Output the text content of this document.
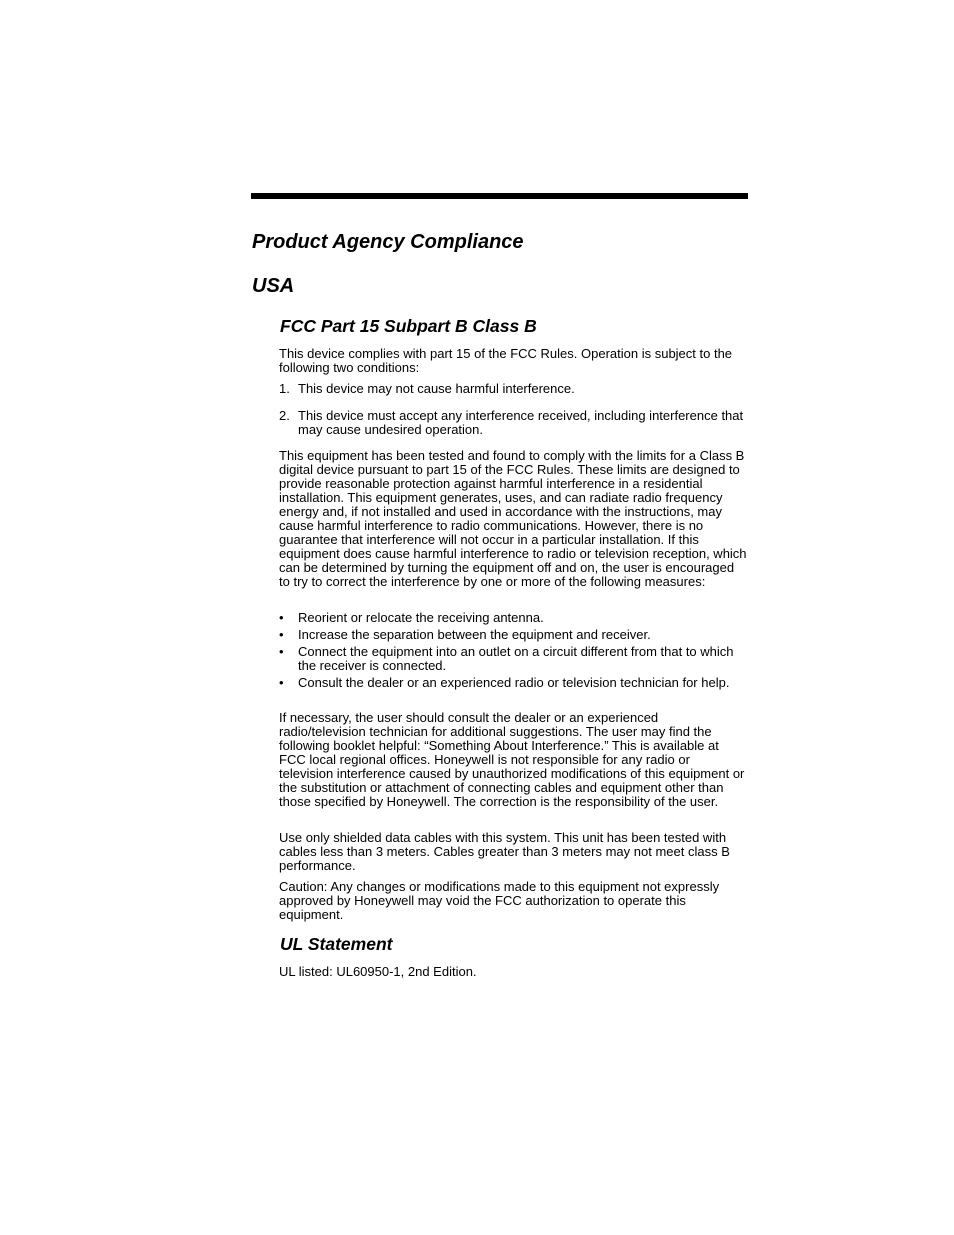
Product Agency Compliance
USA
FCC Part 15 Subpart B Class B

This device complies with part 15 of the FCC Rules. Operation is subject to the following two conditions:

1. This device may not cause harmful interference.
2. This device must accept any interference received, including interference that may cause undesired operation.

This equipment has been tested and found to comply with the limits for a Class B digital device pursuant to part 15 of the FCC Rules. These limits are designed to provide reasonable protection against harmful interference in a residential installation. This equipment generates, uses, and can radiate radio frequency energy and, if not installed and used in accordance with the instructions, may cause harmful interference to radio communications. However, there is no guarantee that interference will not occur in a particular installation. If this equipment does cause harmful interference to radio or television reception, which can be determined by turning the equipment off and on, the user is encouraged to try to correct the interference by one or more of the following measures:

• Reorient or relocate the receiving antenna.
• Increase the separation between the equipment and receiver.
• Connect the equipment into an outlet on a circuit different from that to which the receiver is connected.
• Consult the dealer or an experienced radio or television technician for help.

If necessary, the user should consult the dealer or an experienced radio/television technician for additional suggestions. The user may find the following booklet helpful: “Something About Interference.” This is available at FCC local regional offices. Honeywell is not responsible for any radio or television interference caused by unauthorized modifications of this equipment or the substitution or attachment of connecting cables and equipment other than those specified by Honeywell. The correction is the responsibility of the user.

Use only shielded data cables with this system. This unit has been tested with cables less than 3 meters. Cables greater than 3 meters may not meet class B performance.

Caution: Any changes or modifications made to this equipment not expressly approved by Honeywell may void the FCC authorization to operate this equipment.

UL Statement

UL listed: UL60950-1, 2nd Edition.
